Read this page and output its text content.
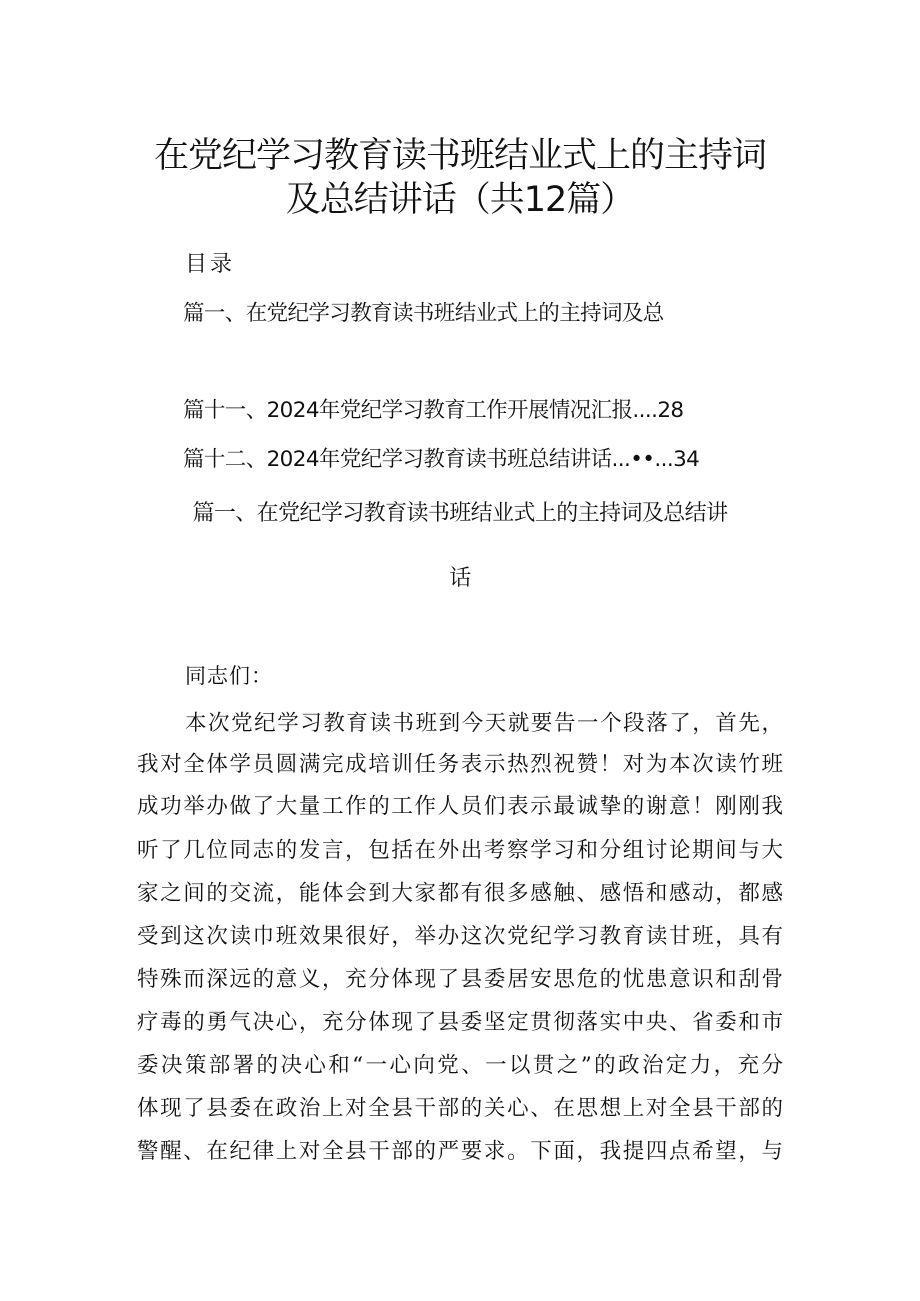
在党纪学习教育读书班结业式上的主持词
及总结讲话（共12篇）
目录
篇一、在党纪学习教育读书班结业式上的主持词及总
篇十一、2024年党纪学习教育工作开展情况汇报....28
篇十二、2024年党纪学习教育读书班总结讲话...••...34
篇一、在党纪学习教育读书班结业式上的主持词及总结讲
话
同志们：
本次党纪学习教育读书班到今天就要告一个段落了，首先，
我对全体学员圆满完成培训任务表示热烈祝赞！对为本次读竹班
成功举办做了大量工作的工作人员们表示最诚挚的谢意！刚刚我
听了几位同志的发言，包括在外出考察学习和分组讨论期间与大
家之间的交流，能体会到大家都有很多感触、感悟和感动，都感
受到这次读巾班效果很好，举办这次党纪学习教育读甘班，具有
特殊而深远的意义，充分体现了县委居安思危的忧患意识和刮骨
疗毒的勇气决心，充分体现了县委坚定贯彻落实中央、省委和市
委决策部署的决心和“一心向党、一以贯之”的政治定力，充分
体现了县委在政治上对全县干部的关心、在思想上对全县干部的
警醒、在纪律上对全县干部的严要求。下面，我提四点希望，与
